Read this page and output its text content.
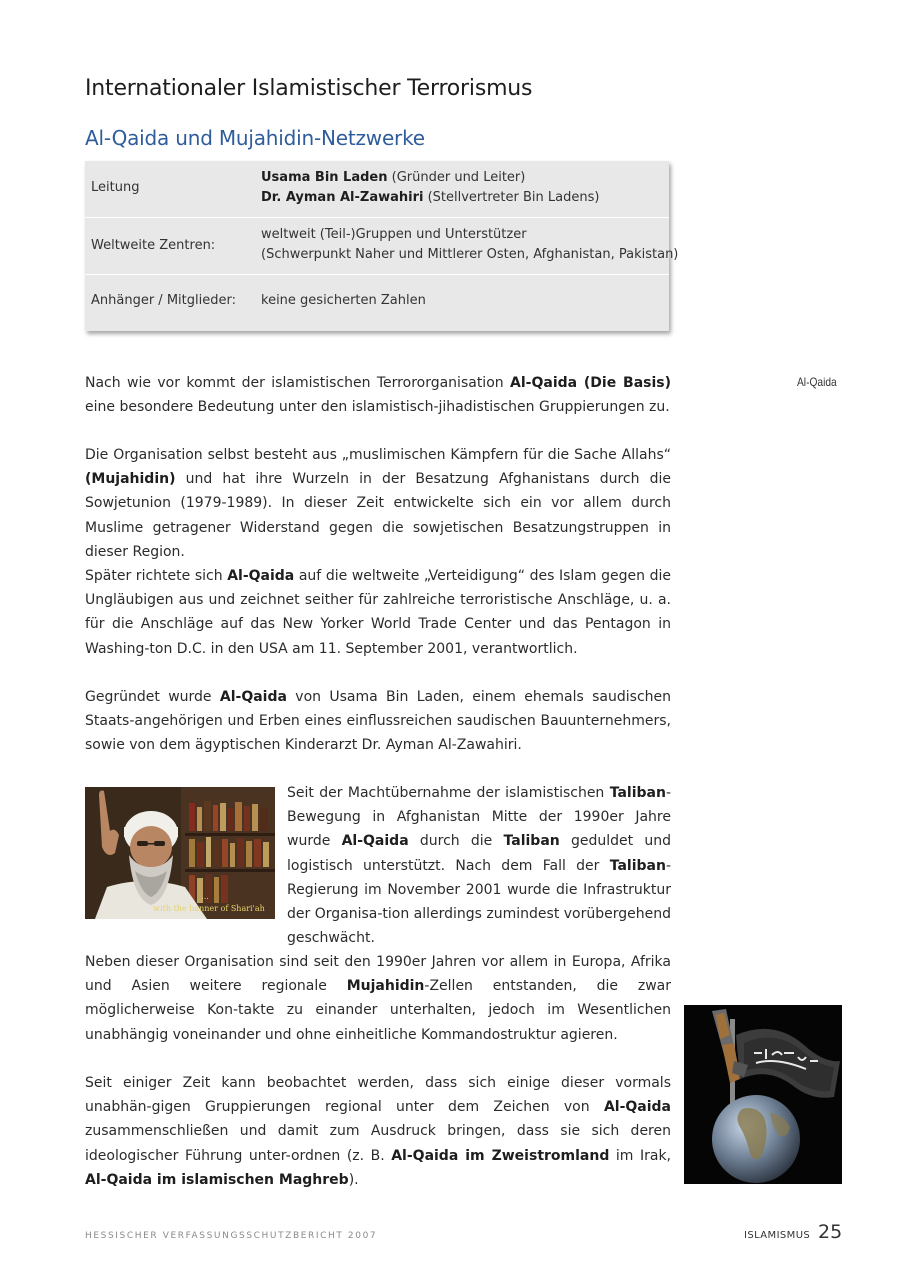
Internationaler Islamistischer Terrorismus
Al-Qaida und Mujahidin-Netzwerke
Leitung
Usama Bin Laden (Gründer und Leiter)
Dr. Ayman Al-Zawahiri (Stellvertreter Bin Ladens)
Weltweite Zentren:
weltweit (Teil-)Gruppen und Unterstützer
(Schwerpunkt Naher und Mittlerer Osten, Afghanistan, Pakistan)
Anhänger / Mitglieder: keine gesicherten Zahlen
Al-Qaida

Nach wie vor kommt der islamistischen Terrororganisation Al-Qaida (Die Basis) eine besondere Bedeutung unter den islamistisch-jihadistischen Gruppierungen zu.

Die Organisation selbst besteht aus „muslimischen Kämpfern für die Sache Allahs“ (Mujahidin) und hat ihre Wurzeln in der Besatzung Afghanistans durch die Sowjetunion (1979-1989). In dieser Zeit entwickelte sich ein vor allem durch Muslime getragener Widerstand gegen die sowjetischen Besatzungstruppen in dieser Region.

Später richtete sich Al-Qaida auf die weltweite „Verteidigung“ des Islam gegen die Ungläubigen aus und zeichnet seither für zahlreiche terroristische Anschläge, u. a. für die Anschläge auf das New Yorker World Trade Center und das Pentagon in Washing-ton D.C. in den USA am 11. September 2001, verantwortlich.

Gegründet wurde Al-Qaida von Usama Bin Laden, einem ehemals saudischen Staats-angehörigen und Erben eines einflussreichen saudischen Bauunternehmers, sowie von dem ägyptischen Kinderarzt Dr. Ayman Al-Zawahiri.

...
with the banner of Shari'ah

Seit der Machtübernahme der islamistischen Taliban-Bewegung in Afghanistan Mitte der 1990er Jahre wurde Al-Qaida durch die Taliban geduldet und logistisch unterstützt. Nach dem Fall der Taliban-Regierung im November 2001 wurde die Infrastruktur der Organisa-tion allerdings zumindest vorübergehend geschwächt.

Neben dieser Organisation sind seit den 1990er Jahren vor allem in Europa, Afrika und Asien weitere regionale Mujahidin-Zellen entstanden, die zwar möglicherweise Kon-takte zu einander unterhalten, jedoch im Wesentlichen unabhängig voneinander und ohne einheitliche Kommandostruktur agieren.

Seit einiger Zeit kann beobachtet werden, dass sich einige dieser vormals unabhän-gigen Gruppierungen regional unter dem Zeichen von Al-Qaida zusammenschließen und damit zum Ausdruck bringen, dass sie sich deren ideologischer Führung unter-ordnen (z. B. Al-Qaida im Zweistromland im Irak, Al-Qaida im islamischen Maghreb).

HESSISCHER VERFASSUNGSSCHUTZBERICHT 2007	ISLAMISMUS 25
